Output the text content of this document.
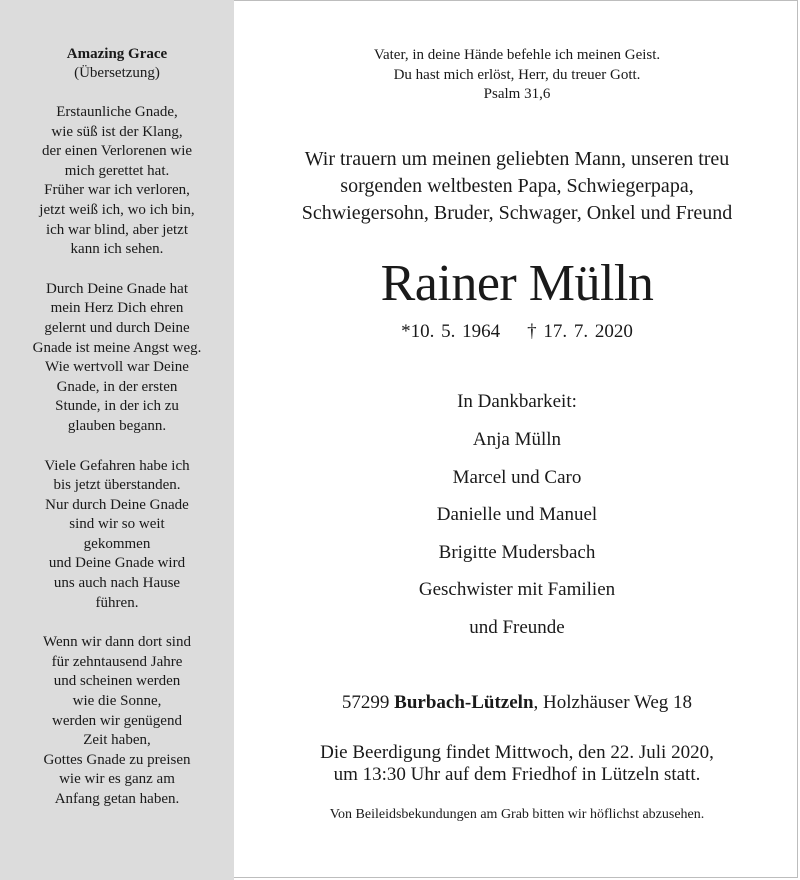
Amazing Grace
(Übersetzung)
Erstaunliche Gnade,
wie süß ist der Klang,
der einen Verlorenen wie
mich gerettet hat.
Früher war ich verloren,
jetzt weiß ich, wo ich bin,
ich war blind, aber jetzt
kann ich sehen.
Durch Deine Gnade hat
mein Herz Dich ehren
gelernt und durch Deine
Gnade ist meine Angst weg.
Wie wertvoll war Deine
Gnade, in der ersten
Stunde, in der ich zu
glauben begann.
Viele Gefahren habe ich
bis jetzt überstanden.
Nur durch Deine Gnade
sind wir so weit
gekommen
und Deine Gnade wird
uns auch nach Hause
führen.
Wenn wir dann dort sind
für zehntausend Jahre
und scheinen werden
wie die Sonne,
werden wir genügend
Zeit haben,
Gottes Gnade zu preisen
wie wir es ganz am
Anfang getan haben.
Vater, in deine Hände befehle ich meinen Geist.
Du hast mich erlöst, Herr, du treuer Gott.
Psalm 31,6
Wir trauern um meinen geliebten Mann, unseren treu
sorgenden weltbesten Papa, Schwiegerpapa,
Schwiegersohn, Bruder, Schwager, Onkel und Freund
Rainer Mülln
*10. 5. 1964 † 17. 7. 2020
In Dankbarkeit:
Anja Mülln
Marcel und Caro
Danielle und Manuel
Brigitte Mudersbach
Geschwister mit Familien
und Freunde
57299 Burbach-Lützeln, Holzhäuser Weg 18
Die Beerdigung findet Mittwoch, den 22. Juli 2020,
um 13:30 Uhr auf dem Friedhof in Lützeln statt.
Von Beileidsbekundungen am Grab bitten wir höflichst abzusehen.
